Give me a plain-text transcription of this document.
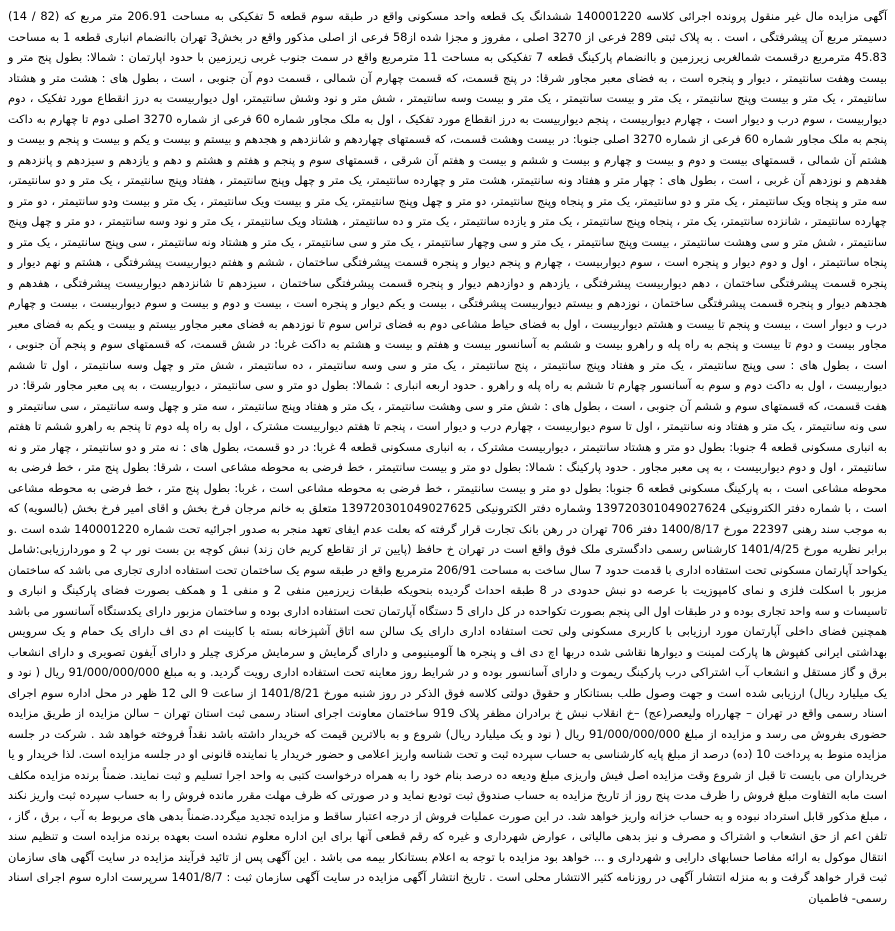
آگهی مزایده مال غیر منقول پرونده اجرائی کلاسه 140001220 ششدانگ یک قطعه واحد مسکونی واقع در طبقه سوم قطعه 5 تفکیکی به مساحت 206.91 متر مربع که (82 / 14) دسیمتر مربع آن پیشرفتگی ، است . به پلاک ثبتی 289 فرعی از 3270 اصلی ، مفروز و مجزا شده از58 فرعی از اصلی مذکور واقع در بخش3 تهران باانضمام انباری قطعه 1 به مساحت 45.83 مترمربع درقسمت شمالغربی زیرزمین و باانضمام پارکینگ قطعه 7 تفکیکی به مساحت 11 مترمربع واقع در سمت جنوب غربی زیرزمین با حدود اپارتمان : شمالا: بطول پنج متر و بیست وهفت سانتیمتر ، دیوار و پنجره است ، به فضای معبر مجاور شرقا: در پنج قسمت، که قسمت چهارم آن شمالی ، قسمت دوم آن جنوبی ، است ، بطول های : هشت متر و هشتاد سانتیمتر ، یک متر و بیست وپنج سانتیمتر ، یک متر و بیست سانتیمتر ، یک متر و بیست وسه سانتیمتر ، شش متر و نود وشش سانتیمتر، اول دیواربیست به درز انقطاع مورد تفکیک ، دوم دیواربیست ، سوم درب و دیوار است ، چهارم دیواربیست ، پنجم دیواربیست به درز انقطاع مورد تفکیک ، اول به ملک مجاور شماره 60 فرعی از شماره 3270 اصلی دوم تا چهارم به داکت پنجم به ملک مجاور شماره 60 فرعی از شماره 3270 اصلی جنوبا: در بیست وهشت قسمت، که قسمتهای چهاردهم و شانزدهم و هجدهم و بیستم و بیست و یکم و بیست و پنجم و بیست و هشتم آن شمالی ، قسمتهای بیست و دوم و بیست و چهارم و بیست و ششم و بیست و هفتم آن شرقی ، قسمتهای سوم و پنجم و هفتم و هشتم و دهم و یازدهم و سیزدهم و پانزدهم و هفدهم و نوزدهم آن غربی ، است ، بطول های : چهار متر و هفتاد ونه سانتیمتر، هشت متر و چهارده سانتیمتر، یک متر و چهل وپنج سانتیمتر ، هفتاد وپنج سانتیمتر ، یک متر و دو سانتیمتر، سه متر و پنجاه ویک سانتیمتر ، یک متر و دو سانتیمتر، یک متر و پنجاه وپنج سانتیمتر، دو متر و چهل وپنج سانتیمتر، یک متر و بیست ویک سانتیمتر ، یک متر و بیست ودو سانتیمتر ، دو متر و چهارده سانتیمتر ، شانزده سانتیمتر، یک متر ، پنجاه وپنج سانتیمتر ، یک متر و یازده سانتیمتر ، یک متر و ده سانتیمتر ، هشتاد ویک سانتیمتر ، یک متر و نود وسه سانتیمتر ، دو متر و چهل وپنج سانتیمتر ، شش متر و سی وهشت سانتیمتر ، بیست وپنج سانتیمتر ، یک متر و سی وچهار سانتیمتر ، یک متر و سی سانتیمتر ، یک متر و هشتاد ونه سانتیمتر ، سی وپنج سانتیمتر ، یک متر و پنجاه سانتیمتر ، اول و دوم دیوار و پنجره است ، سوم دیواربیست ، چهارم و پنجم دیوار و پنجره قسمت پیشرفتگی ساختمان ، ششم و هفتم دیواربیست پیشرفتگی ، هشتم و نهم دیوار و پنجره قسمت پیشرفتگی ساختمان ، دهم دیواربیست پیشرفتگی ، یازدهم و دوازدهم دیوار و پنجره قسمت پیشرفتگی ساختمان ، سیزدهم تا شانزدهم دیواربیست پیشرفتگی ، هفدهم و هجدهم دیوار و پنجره قسمت پیشرفتگی ساختمان ، نوزدهم و بیستم دیواربیست پیشرفتگی ، بیست و یکم دیوار و پنجره است ، بیست و دوم و بیست و سوم دیواربیست ، بیست و چهارم درب و دیوار است ، بیست و پنجم تا بیست و هشتم دیواربیست ، اول به فضای حیاط مشاعی دوم به فضای تراس سوم تا نوزدهم به فضای معبر مجاور بیستم و بیست و یکم به فضای معبر مجاور بیست و دوم تا بیست و پنجم به راه پله و راهرو بیست و ششم به آسانسور بیست و هفتم و بیست و هشتم به داکت غربا: در شش قسمت، که قسمتهای سوم و پنجم آن جنوبی ، است ، بطول های : سی وپنج سانتیمتر ، یک متر و هفتاد وپنج سانتیمتر ، پنج سانتیمتر ، یک متر و سی وسه سانتیمتر ، ده سانتیمتر ، شش متر و چهل وسه سانتیمتر ، اول تا ششم دیواربیست ، اول به داکت دوم و سوم به آسانسور چهارم تا ششم به راه پله و راهرو . حدود اربعه انباری : شمالا: بطول دو متر و سی سانتیمتر ، دیواربیست ، به پی معبر مجاور شرقا: در هفت قسمت، که قسمتهای سوم و ششم آن جنوبی ، است ، بطول های : شش متر و سی وهشت سانتیمتر ، یک متر و هفتاد وپنج سانتیمتر ، سه متر و چهل وسه سانتیمتر ، سی سانتیمتر و سی ونه سانتیمتر ، یک متر و هفتاد ونه سانتیمتر ، اول تا سوم دیواربیست ، چهارم درب و دیوار است ، پنجم تا هفتم دیواربیست مشترک ، اول به راه پله دوم تا پنجم به راهرو ششم تا هفتم به انباری مسکونی قطعه 4 جنوبا: بطول دو متر و هشتاد سانتیمتر ، دیواربیست مشترک ، به انباری مسکونی قطعه 4 غربا: در دو قسمت، بطول های : نه متر و دو سانتیمتر ، چهار متر و نه سانتیمتر ، اول و دوم دیواربیست ، به پی معبر مجاور . حدود پارکینگ : شمالا: بطول دو متر و بیست سانتیمتر ، خط فرضی به محوطه مشاعی است ، شرقا: بطول پنج متر ، خط فرضی به محوطه مشاعی است ، به پارکینگ مسکونی قطعه 6 جنوبا: بطول دو متر و بیست سانتیمتر ، خط فرضی به محوطه مشاعی است ، غربا: بطول پنج متر ، خط فرضی به محوطه مشاعی است ، با شماره دفتر الکترونیکی 139720301049027624 وشماره دفتر الکترونیکی 139720301049027625 متعلق به خانم مرجان فرخ بخش و اقای امیر فرخ بخش (بالسویه) که به موجب سند رهنی 22397 مورخ 1400/8/17 دفتر 706 تهران در رهن بانک تجارت قرار گرفته که بعلت عدم ایفای تعهد منجر به صدور اجرائیه تحت شماره 140001220 شده است .و برابر نظریه مورخ 1401/4/25 کارشناس رسمی دادگستری ملک فوق واقع است در تهران خ حافظ (پایین تر از تقاطع کریم خان زند) نبش کوچه بن بست نور پ 2 و موردارزیابی:شامل یکواحد آپارتمان مسکونی تحت استفاده اداری با قدمت حدود 7 سال ساخت به مساحت 206/91 مترمربع واقع در طبقه سوم یک ساختمان تحت استفاده اداری تجاری می باشد که ساختمان مزبور با اسکلت فلزی و نمای کامپوزیت با عرصه دو نبش حدودی در 8 طبقه احداث گردیده بنحویکه طبقات زیرزمین منفی 2 و منفی 1 و همکف بصورت فضای پارکینگ و انباری و تاسیسات و سه واحد تجاری بوده و در طبقات اول الی پنجم بصورت تکواحده در کل دارای 5 دستگاه آپارتمان تحت استفاده اداری بوده و ساختمان مزبور دارای یکدستگاه آسانسور می باشد همچنین فضای داخلی آپارتمان مورد ارزیابی با کاربری مسکونی ولی تحت استفاده اداری دارای یک سالن سه اتاق آشپزخانه بسته با کابینت ام دی اف دارای یک حمام و یک سرویس بهداشتی ایرانی کفپوش ها پارکت لمینت و دیوارها نقاشی شده دربها اچ دی اف و پنجره ها آلومینیومی و دارای گرمایش و سرمایش مرکزی چیلر و دارای آیفون تصویری و دارای انشعاب برق و گاز مستقل و انشعاب آب اشتراکی درب پارکینگ ریموت و دارای آسانسور بوده و در شرایط روز معاینه تحت استفاده اداری رویت گردید. و به مبلغ 91/000/000/000 ریال ( نود و یک میلیارد ریال) ارزیابی شده است و جهت وصول طلب بستانکار و حقوق دولتی کلاسه فوق الذکر در روز شنبه مورخ 1401/8/21 از ساعت 9 الی 12 ظهر در محل اداره سوم اجرای اسناد رسمی واقع در تهران – چهارراه ولیعصر(عج) –خ انقلاب نبش خ برادران مظفر پلاک 919 ساختمان معاونت اجرای اسناد رسمی ثبت استان تهران – سالن مزایده از طریق مزایده حضوری بفروش می رسد و مزایده از مبلغ 91/000/000/000 ریال ( نود و یک میلیارد ریال) شروع و به بالاترین قیمت که خریدار داشته باشد نقداً فروخته خواهد شد . شرکت در جلسه مزایده منوط به پرداخت 10 (ده) درصد از مبلغ پایه کارشناسی به حساب سپرده ثبت و تحت شناسه واریز اعلامی و حضور خریدار یا نماینده قانونی او در جلسه مزایده است. لذا خریدار و یا خریداران می بایست تا قبل از شروع وقت مزایده اصل فیش واریزی مبلغ ودیعه ده درصد بنام خود را به همراه درخواست کتبی به واحد اجرا تسلیم و ثبت نمایند. ضمناً برنده مزایده مکلف است مابه التفاوت مبلغ فروش را ظرف مدت پنج روز از تاریخ مزایده به حساب صندوق ثبت تودیع نماید و در صورتی که ظرف مهلت مقرر مانده فروش را به حساب سپرده ثبت واریز نکند ، مبلغ مذکور قابل استرداد نبوده و به حساب خزانه واریز خواهد شد. در این صورت عملیات فروش از درجه اعتبار ساقط و مزایده تجدید میگردد.ضمناً بدهی های مربوط به آب ، برق ، گاز ، تلفن اعم از حق انشعاب و اشتراک و مصرف و نیز بدهی مالیاتی ، عوارض شهرداری و غیره که رقم قطعی آنها برای این اداره معلوم نشده است بعهده برنده مزایده است و تنظیم سند انتقال موکول به ارائه مفاصا حسابهای دارایی و شهرداری و ... خواهد بود مزایده با توجه به اعلام بستانکار بیمه می باشد . این آگهی پس از تائید فرآیند مزایده در سایت آگهی های سازمان ثبت قرار خواهد گرفت و به منزله انتشار آگهی در روزنامه کثیر الانتشار محلی است . تاریخ انتشار آگهی مزایده در سایت آگهی سازمان ثبت : 1401/8/7 سرپرست اداره سوم اجرای اسناد رسمی- فاطمیان
